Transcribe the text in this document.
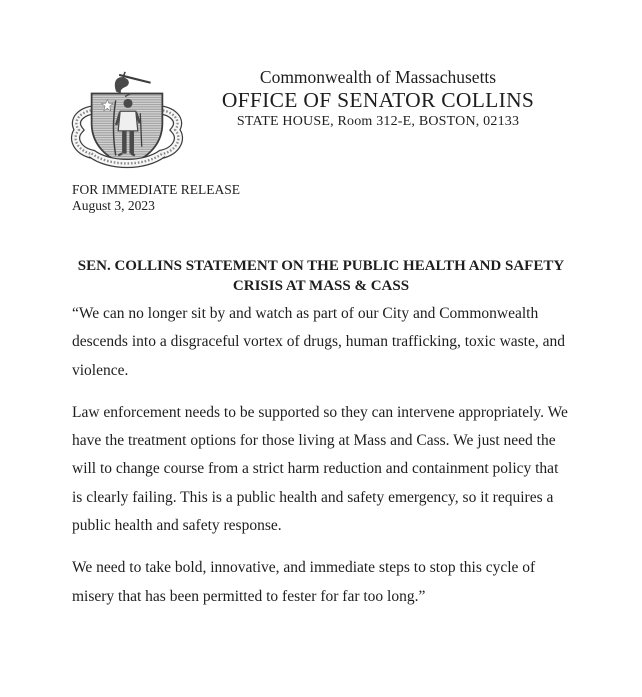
Commonwealth of Massachusetts
OFFICE OF SENATOR COLLINS
STATE HOUSE, Room 312-E, BOSTON, 02133
FOR IMMEDIATE RELEASE
August 3, 2023
SEN. COLLINS STATEMENT ON THE PUBLIC HEALTH AND SAFETY
CRISIS AT MASS & CASS

“We can no longer sit by and watch as part of our City and Commonwealth descends into a disgraceful vortex of drugs, human trafficking, toxic waste, and violence.

Law enforcement needs to be supported so they can intervene appropriately. We have the treatment options for those living at Mass and Cass. We just need the will to change course from a strict harm reduction and containment policy that is clearly failing. This is a public health and safety emergency, so it requires a public health and safety response.

We need to take bold, innovative, and immediate steps to stop this cycle of misery that has been permitted to fester for far too long.”
